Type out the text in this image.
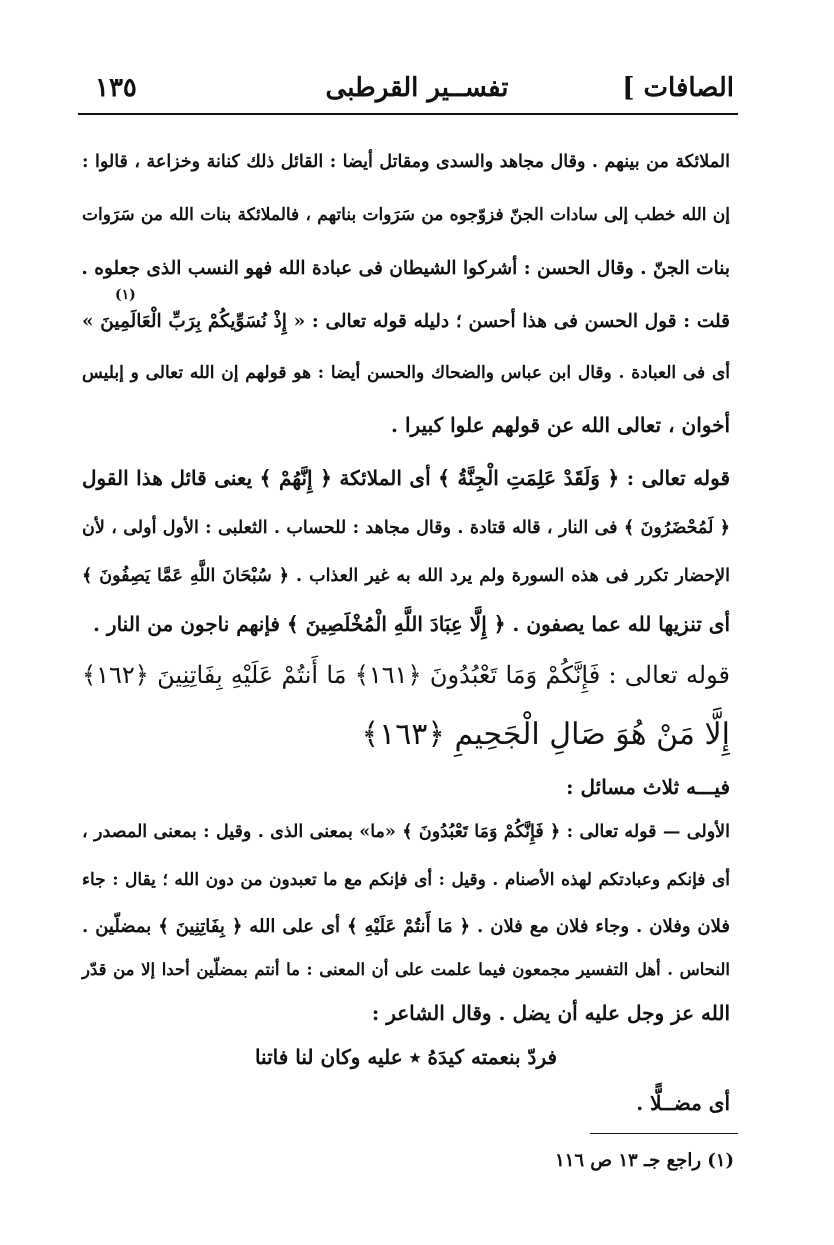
الصافات ]
تفســير القرطبى
١٣٥
الملائكة من بينهم . وقال مجاهد والسدى ومقاتل أيضا : القائل ذلك كنانة وخزاعة ، قالوا :
إن الله خطب إلى سادات الجنّ فزوّجوه من سَرَوات بناتهم ، فالملائكة بنات الله من سَرَوات
بنات الجنّ . وقال الحسن : أشركوا الشيطان فى عبادة الله فهو النسب الذى جعلوه .
(١)
قلت : قول الحسن فى هذا أحسن ؛ دليله قوله تعالى : « إِذْ نُسَوِّيكُمْ بِرَبِّ الْعَالَمِينَ »
أى فى العبادة . وقال ابن عباس والضحاك والحسن أيضا : هو قولهم إن الله تعالى و إبليس
أخوان ، تعالى الله عن قولهم علوا كبيرا .
قوله تعالى : ﴿ وَلَقَدْ عَلِمَتِ الْجِنَّةُ ﴾ أى الملائكة ﴿ إِنَّهُمْ ﴾ يعنى قائل هذا القول
﴿ لَمُحْضَرُونَ ﴾ فى النار ، قاله قتادة . وقال مجاهد : للحساب . الثعلبى : الأول أولى ، لأن
الإحضار تكرر فى هذه السورة ولم يرد الله به غير العذاب . ﴿ سُبْحَانَ اللَّهِ عَمَّا يَصِفُونَ ﴾
أى تنزيها لله عما يصفون . ﴿ إِلَّا عِبَادَ اللَّهِ الْمُخْلَصِينَ ﴾ فإنهم ناجون من النار .
قوله تعالى : فَإِنَّكُمْ وَمَا تَعْبُدُونَ ﴿١٦١﴾ مَا أَنتُمْ عَلَيْهِ بِفَاتِنِينَ ﴿١٦٢﴾
إِلَّا مَنْ هُوَ صَالِ الْجَحِيمِ ﴿١٦٣﴾
فيـــه ثلاث مسائل :
الأولى — قوله تعالى : ﴿ فَإِنَّكُمْ وَمَا تَعْبُدُونَ ﴾ «ما» بمعنى الذى . وقيل : بمعنى المصدر ،
أى فإنكم وعبادتكم لهذه الأصنام . وقيل : أى فإنكم مع ما تعبدون من دون الله ؛ يقال : جاء
فلان وفلان . وجاء فلان مع فلان . ﴿ مَا أَنتُمْ عَلَيْهِ ﴾ أى على الله ﴿ بِفَاتِنِينَ ﴾ بمضلّين .
النحاس . أهل التفسير مجمعون فيما علمت على أن المعنى : ما أنتم بمضلّين أحدا إلا من قدّر
الله عز وجل عليه أن يضل . وقال الشاعر :
فردّ بنعمته كيدَهُ ٭ عليه وكان لنا فاتنا
أى مضــلًّا .
(١) راجع جـ ١٣ ص ١١٦
